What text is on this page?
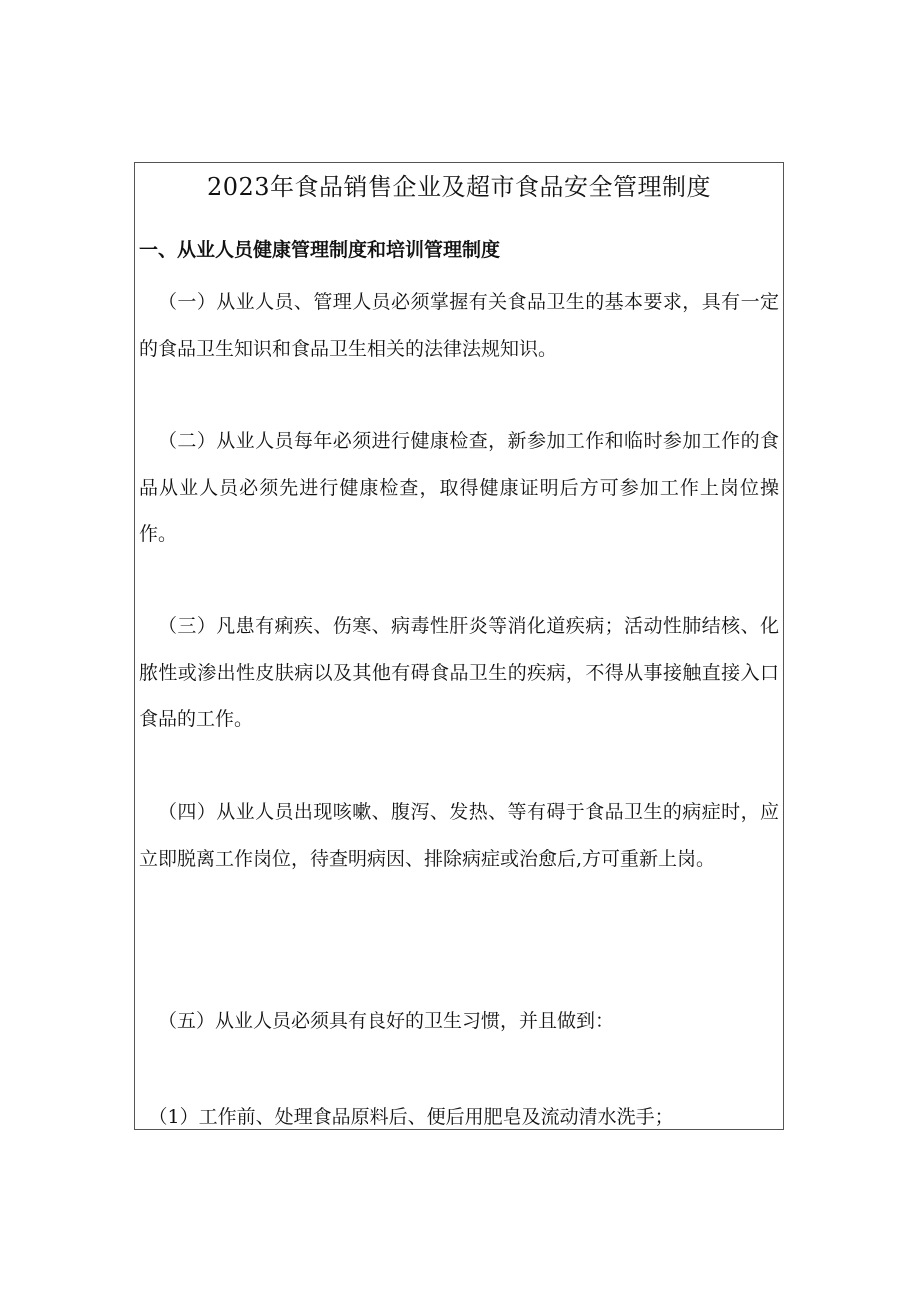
2023年食品销售企业及超市食品安全管理制度
一、从业人员健康管理制度和培训管理制度
（一）从业人员、管理人员必须掌握有关食品卫生的基本要求，具有一定的食品卫生知识和食品卫生相关的法律法规知识。
（二）从业人员每年必须进行健康检查，新参加工作和临时参加工作的食品从业人员必须先进行健康检查，取得健康证明后方可参加工作上岗位操作。
（三）凡患有痢疾、伤寒、病毒性肝炎等消化道疾病；活动性肺结核、化脓性或渗出性皮肤病以及其他有碍食品卫生的疾病，不得从事接触直接入口食品的工作。
（四）从业人员出现咳嗽、腹泻、发热、等有碍于食品卫生的病症时，应立即脱离工作岗位，待查明病因、排除病症或治愈后,方可重新上岗。
（五）从业人员必须具有良好的卫生习惯，并且做到：
（1）工作前、处理食品原料后、便后用肥皂及流动清水洗手；
